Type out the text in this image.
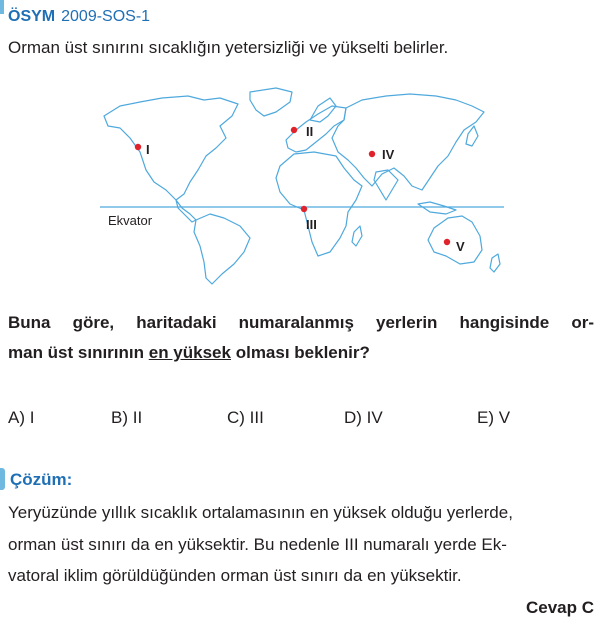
ÖSYM 2009-SOS-1
Orman üst sınırını sıcaklığın yetersizliği ve yükselti belirler.
Ekvator
I
II
III
IV
V
Buna göre, haritadaki numaralanmış yerlerin hangisinde or-
man üst sınırının en yüksek olması beklenir?
A) I	B) II	C) III	D) IV	E) V
Çözüm:
Yeryüzünde yıllık sıcaklık ortalamasının en yüksek olduğu yerlerde,
orman üst sınırı da en yüksektir. Bu nedenle III numaralı yerde Ek-
vatoral iklim görüldüğünden orman üst sınırı da en yüksektir.
Cevap C
